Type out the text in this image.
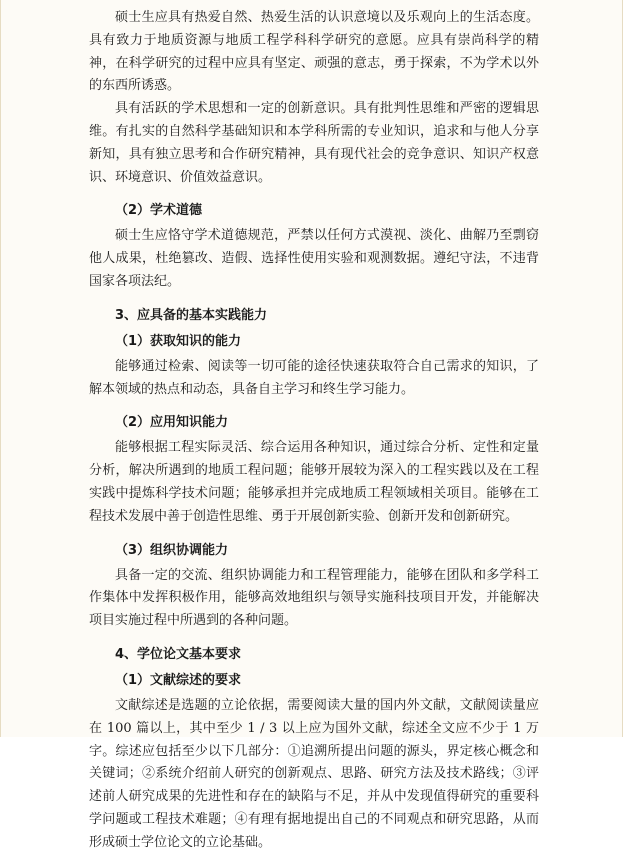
硕士生应具有热爱自然、热爱生活的认识意境以及乐观向上的生活态度。具有致力于地质资源与地质工程学科科学研究的意愿。应具有崇尚科学的精神，在科学研究的过程中应具有坚定、顽强的意志，勇于探索，不为学术以外的东西所诱惑。

具有活跃的学术思想和一定的创新意识。具有批判性思维和严密的逻辑思维。有扎实的自然科学基础知识和本学科所需的专业知识，追求和与他人分享新知，具有独立思考和合作研究精神，具有现代社会的竞争意识、知识产权意识、环境意识、价值效益意识。

（2）学术道德

硕士生应恪守学术道德规范，严禁以任何方式漠视、淡化、曲解乃至剽窃他人成果，杜绝篡改、造假、选择性使用实验和观测数据。遵纪守法，不违背国家各项法纪。

3、应具备的基本实践能力

（1）获取知识的能力

能够通过检索、阅读等一切可能的途径快速获取符合自己需求的知识，了解本领域的热点和动态，具备自主学习和终生学习能力。

（2）应用知识能力

能够根据工程实际灵活、综合运用各种知识，通过综合分析、定性和定量分析，解决所遇到的地质工程问题；能够开展较为深入的工程实践以及在工程实践中提炼科学技术问题；能够承担并完成地质工程领域相关项目。能够在工程技术发展中善于创造性思维、勇于开展创新实验、创新开发和创新研究。

（3）组织协调能力

具备一定的交流、组织协调能力和工程管理能力，能够在团队和多学科工作集体中发挥积极作用，能够高效地组织与领导实施科技项目开发，并能解决项目实施过程中所遇到的各种问题。

4、学位论文基本要求

（1）文献综述的要求

文献综述是选题的立论依据，需要阅读大量的国内外文献，文献阅读量应在 100 篇以上，其中至少 1 / 3 以上应为国外文献，综述全文应不少于 1 万字。综述应包括至少以下几部分：①追溯所提出问题的源头，界定核心概念和关键词；②系统介绍前人研究的创新观点、思路、研究方法及技术路线；③评述前人研究成果的先进性和存在的缺陷与不足，并从中发现值得研究的重要科学问题或工程技术难题；④有理有据地提出自己的不同观点和研究思路，从而形成硕士学位论文的立论基础。
